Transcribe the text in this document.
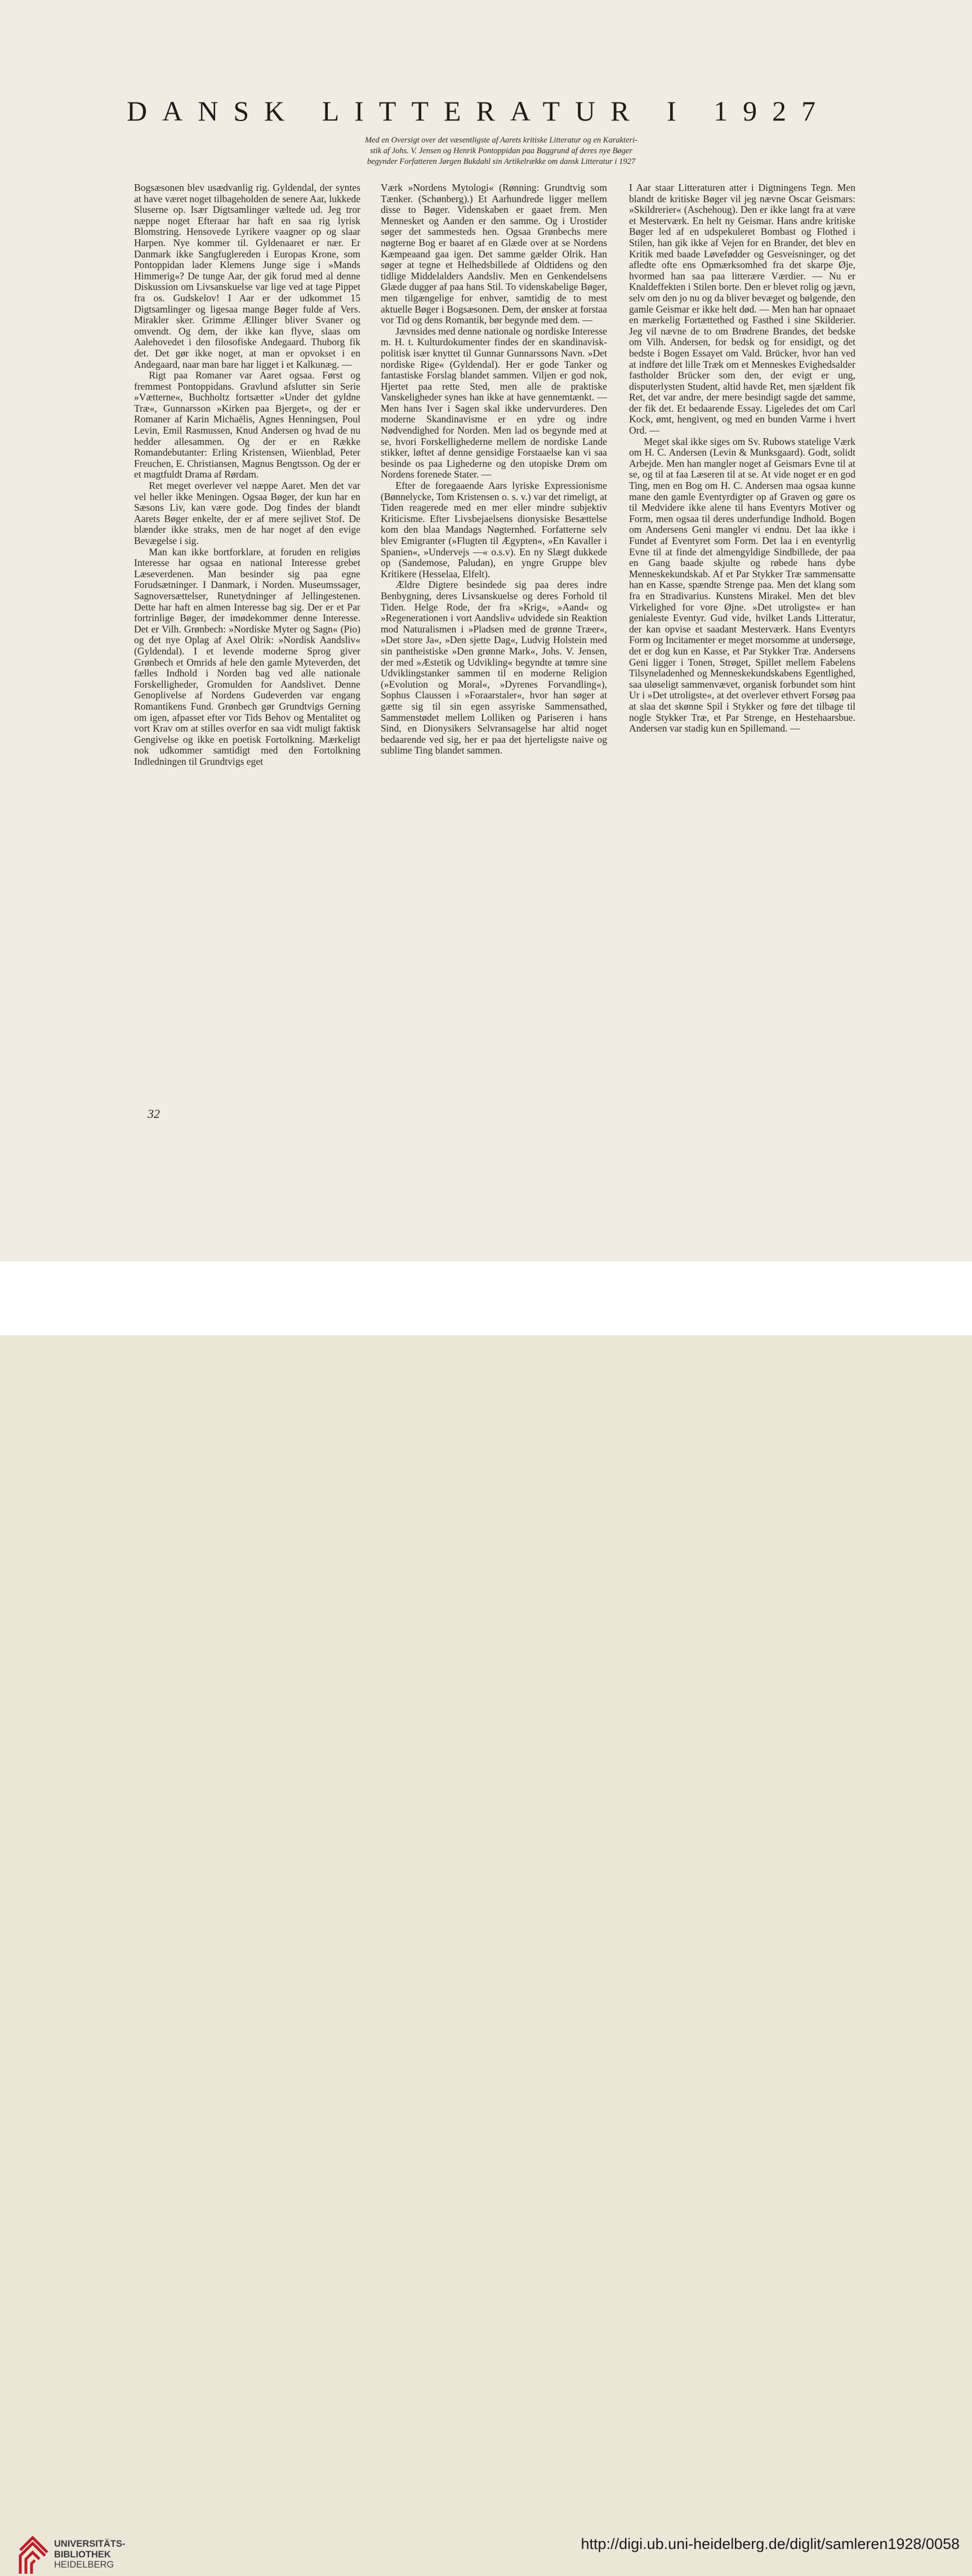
DANSK LITTERATUR I 1927
Med en Oversigt over det væsentligste af Aarets kritiske Litteratur og en Karakteri-
stik af Johs. V. Jensen og Henrik Pontoppidan paa Baggrund af deres nye Bøger
begynder Forfatteren Jørgen Bukdahl sin Artikelrække om dansk Litteratur i 1927

Bogsæsonen blev usædvanlig rig. Gyldendal, der syntes at have været noget tilbageholden de senere Aar, lukkede Sluserne op. Især Digtsamlinger væltede ud. Jeg tror næppe noget Efteraar har haft en saa rig lyrisk Blomstring. Hensovede Lyrikere vaagner op og slaar Harpen. Nye kommer til. Gyldenaaret er nær. Er Danmark ikke Sangfuglereden i Europas Krone, som Pontoppidan lader Klemens Junge sige i »Mands Himmerig«? De tunge Aar, der gik forud med al denne Diskussion om Livsanskuelse var lige ved at tage Pippet fra os. Gudskelov! I Aar er der udkommet 15 Digtsamlinger og ligesaa mange Bøger fulde af Vers. Mirakler sker. Grimme Ællinger bliver Svaner og omvendt. Og dem, der ikke kan flyve, slaas om Aalehovedet i den filosofiske Andegaard. Thuborg fik det. Det gør ikke noget, at man er opvokset i en Andegaard, naar man bare har ligget i et Kalkunæg. —

Rigt paa Romaner var Aaret ogsaa. Først og fremmest Pontoppidans. Gravlund afslutter sin Serie »Vætterne«, Buchholtz fortsætter »Under det gyldne Træ«, Gunnarsson »Kirken paa Bjerget«, og der er Romaner af Karin Michaëlis, Agnes Henningsen, Poul Levin, Emil Rasmussen, Knud Andersen og hvad de nu hedder allesammen. Og der er en Række Romandebutanter: Erling Kristensen, Wiienblad, Peter Freuchen, E. Christiansen, Magnus Bengtsson. Og der er et magtfuldt Drama af Rørdam.

Ret meget overlever vel næppe Aaret. Men det var vel heller ikke Meningen. Ogsaa Bøger, der kun har en Sæsons Liv, kan være gode. Dog findes der blandt Aarets Bøger enkelte, der er af mere sejlivet Stof. De blænder ikke straks, men de har noget af den evige Bevægelse i sig.

Man kan ikke bortforklare, at foruden en religiøs Interesse har ogsaa en national Interesse grebet Læseverdenen. Man besinder sig paa egne Forudsætninger. I Danmark, i Norden. Museumssager, Sagnoversættelser, Runetydninger af Jellingestenen. Dette har haft en almen Interesse bag sig. Der er et Par fortrinlige Bøger, der imødekommer denne Interesse. Det er Vilh. Grønbech: »Nordiske Myter og Sagn« (Pio) og det nye Oplag af Axel Olrik: »Nordisk Aandsliv« (Gyldendal). I et levende moderne Sprog giver Grønbech et Omrids af hele den gamle Myteverden, det fælles Indhold i Norden bag ved alle nationale Forskelligheder, Gromulden for Aandslivet. Denne Genoplivelse af Nordens Gudeverden var engang Romantikens Fund. Grønbech gør Grundtvigs Gerning om igen, afpasset efter vor Tids Behov og Mentalitet og vort Krav om at stilles overfor en saa vidt muligt faktisk Gengivelse og ikke en poetisk Fortolkning. Mærkeligt nok udkommer samtidigt med den Fortolkning Indledningen til Grundtvigs eget

Værk »Nordens Mytologi« (Rønning: Grundtvig som Tænker. (Schønberg).) Et Aarhundrede ligger mellem disse to Bøger. Videnskaben er gaaet frem. Men Mennesket og Aanden er den samme. Og i Urostider søger det sammesteds hen. Ogsaa Grønbechs mere nøgterne Bog er baaret af en Glæde over at se Nordens Kæmpeaand gaa igen. Det samme gælder Olrik. Han søger at tegne et Helhedsbillede af Oldtidens og den tidlige Middelalders Aandsliv. Men en Genkendelsens Glæde dugger af paa hans Stil. To videnskabelige Bøger, men tilgængelige for enhver, samtidig de to mest aktuelle Bøger i Bogsæsonen. Dem, der ønsker at forstaa vor Tid og dens Romantik, bør begynde med dem. —

Jævnsides med denne nationale og nordiske Interesse m. H. t. Kulturdokumenter findes der en skandinavisk-politisk især knyttet til Gunnar Gunnarssons Navn. »Det nordiske Rige« (Gyldendal). Her er gode Tanker og fantastiske Forslag blandet sammen. Viljen er god nok, Hjertet paa rette Sted, men alle de praktiske Vanskeligheder synes han ikke at have gennemtænkt. — Men hans Iver i Sagen skal ikke undervurderes. Den moderne Skandinavisme er en ydre og indre Nødvendighed for Norden. Men lad os begynde med at se, hvori Forskellighederne mellem de nordiske Lande stikker, løftet af denne gensidige Forstaaelse kan vi saa besinde os paa Lighederne og den utopiske Drøm om Nordens forenede Stater. —

Efter de foregaaende Aars lyriske Expressionisme (Bønnelycke, Tom Kristensen o. s. v.) var det rimeligt, at Tiden reagerede med en mer eller mindre subjektiv Kriticisme. Efter Livsbejaelsens dionysiske Besættelse kom den blaa Mandags Nøgternhed. Forfatterne selv blev Emigranter (»Flugten til Ægypten«, »En Kavaller i Spanien«, »Undervejs —« o.s.v). En ny Slægt dukkede op (Sandemose, Paludan), en yngre Gruppe blev Kritikere (Hesselaa, Elfelt).

Ældre Digtere besindede sig paa deres indre Benbygning, deres Livsanskuelse og deres Forhold til Tiden. Helge Rode, der fra »Krig«, »Aand« og »Regenerationen i vort Aandsliv« udvidede sin Reaktion mod Naturalismen i »Pladsen med de grønne Træer«, »Det store Ja«, »Den sjette Dag«, Ludvig Holstein med sin pantheistiske »Den grønne Mark«, Johs. V. Jensen, der med »Æstetik og Udvikling« begyndte at tømre sine Udviklingstanker sammen til en moderne Religion (»Evolution og Moral«, »Dyrenes Forvandling«), Sophus Claussen i »Foraarstaler«, hvor han søger at gætte sig til sin egen assyriske Sammensathed, Sammenstødet mellem Lolliken og Pariseren i hans Sind, en Dionysikers Selvransagelse har altid noget bedaarende ved sig, her er paa det hjerteligste naive og sublime Ting blandet sammen.

I Aar staar Litteraturen atter i Digtningens Tegn. Men blandt de kritiske Bøger vil jeg nævne Oscar Geismars: »Skildrerier« (Aschehoug). Den er ikke langt fra at være et Mesterværk. En helt ny Geismar. Hans andre kritiske Bøger led af en udspekuleret Bombast og Flothed i Stilen, han gik ikke af Vejen for en Brander, det blev en Kritik med baade Løvefødder og Gesveisninger, og det afledte ofte ens Opmærksomhed fra det skarpe Øje, hvormed han saa paa litterære Værdier. — Nu er Knaldeffekten i Stilen borte. Den er blevet rolig og jævn, selv om den jo nu og da bliver bevæget og bølgende, den gamle Geismar er ikke helt død. — Men han har opnaaet en mærkelig Fortættethed og Fasthed i sine Skilderier. Jeg vil nævne de to om Brødrene Brandes, det bedske om Vilh. Andersen, for bedsk og for ensidigt, og det bedste i Bogen Essayet om Vald. Brücker, hvor han ved at indføre det lille Træk om et Menneskes Evighedsalder fastholder Brücker som den, der evigt er ung, disputerlysten Student, altid havde Ret, men sjældent fik Ret, det var andre, der mere besindigt sagde det samme, der fik det. Et bedaarende Essay. Ligeledes det om Carl Kock, ømt, hengivent, og med en bunden Varme i hvert Ord. —

Meget skal ikke siges om Sv. Rubows statelige Værk om H. C. Andersen (Levin & Munksgaard). Godt, solidt Arbejde. Men han mangler noget af Geismars Evne til at se, og til at faa Læseren til at se. At vide noget er en god Ting, men en Bog om H. C. Andersen maa ogsaa kunne mane den gamle Eventyrdigter op af Graven og gøre os til Medvidere ikke alene til hans Eventyrs Motiver og Form, men ogsaa til deres underfundige Indhold. Bogen om Andersens Geni mangler vi endnu. Det laa ikke i Fundet af Eventyret som Form. Det laa i en eventyrlig Evne til at finde det almengyldige Sindbillede, der paa en Gang baade skjulte og røbede hans dybe Menneskekundskab. Af et Par Stykker Træ sammensatte han en Kasse, spændte Strenge paa. Men det klang som fra en Stradivarius. Kunstens Mirakel. Men det blev Virkelighed for vore Øjne. »Det utroligste« er han genialeste Eventyr. Gud vide, hvilket Lands Litteratur, der kan opvise et saadant Mesterværk. Hans Eventyrs Form og Incitamenter er meget morsomme at undersøge, det er dog kun en Kasse, et Par Stykker Træ. Andersens Geni ligger i Tonen, Strøget, Spillet mellem Fabelens Tilsyneladenhed og Menneskekundskabens Egentlighed, saa uløseligt sammenvævet, organisk forbundet som hint Ur i »Det utroligste«, at det overlever ethvert Forsøg paa at slaa det skønne Spil i Stykker og føre det tilbage til nogle Stykker Træ, et Par Strenge, en Hestehaarsbue. Andersen var stadig kun en Spillemand. —

32
UNIVERSITÄTS-
BIBLIOTHEK
HEIDELBERG
http://digi.ub.uni-heidelberg.de/diglit/samleren1928/0058
